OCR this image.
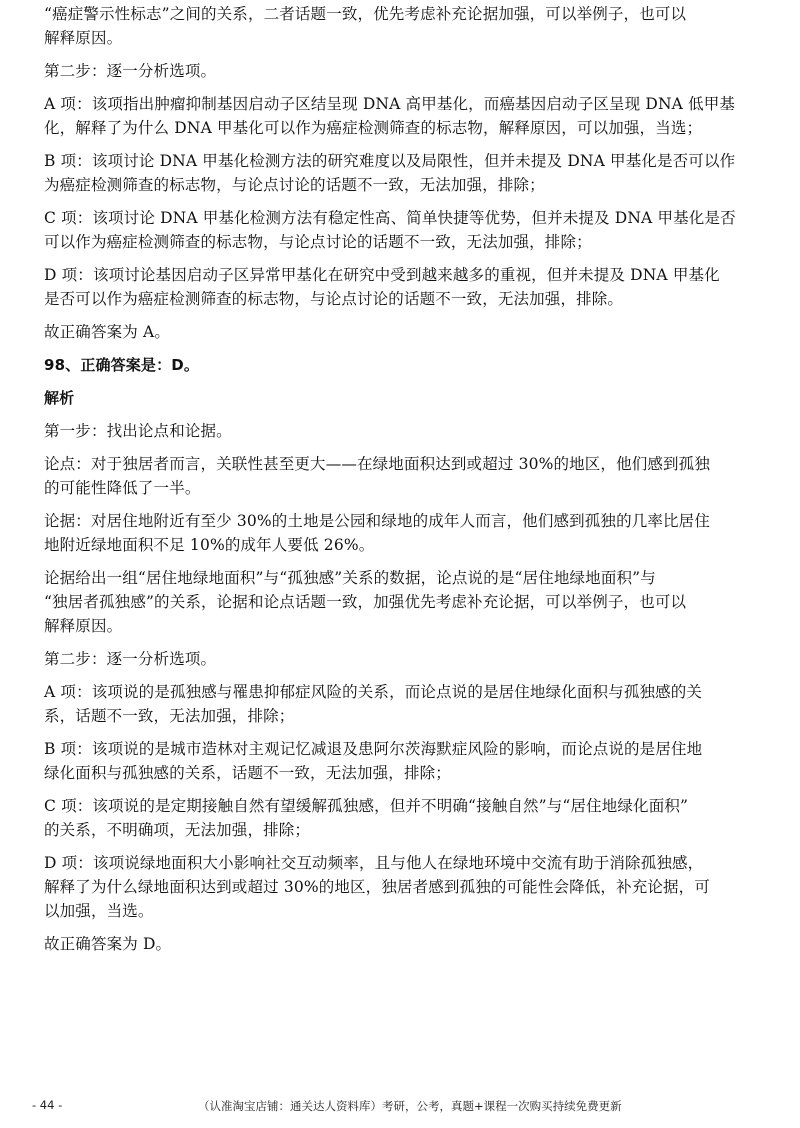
“癌症警示性标志”之间的关系，二者话题一致，优先考虑补充论据加强，可以举例子，也可以
解释原因。
第二步：逐一分析选项。
A 项：该项指出肿瘤抑制基因启动子区结呈现 DNA 高甲基化，而癌基因启动子区呈现 DNA 低甲基
化，解释了为什么 DNA 甲基化可以作为癌症检测筛查的标志物，解释原因，可以加强，当选；
B 项：该项讨论 DNA 甲基化检测方法的研究难度以及局限性，但并未提及 DNA 甲基化是否可以作
为癌症检测筛查的标志物，与论点讨论的话题不一致，无法加强，排除；
C 项：该项讨论 DNA 甲基化检测方法有稳定性高、简单快捷等优势，但并未提及 DNA 甲基化是否
可以作为癌症检测筛查的标志物，与论点讨论的话题不一致，无法加强，排除；
D 项：该项讨论基因启动子区异常甲基化在研究中受到越来越多的重视，但并未提及 DNA 甲基化
是否可以作为癌症检测筛查的标志物，与论点讨论的话题不一致，无法加强，排除。
故正确答案为 A。
98、正确答案是：D。
解析
第一步：找出论点和论据。
论点：对于独居者而言，关联性甚至更大——在绿地面积达到或超过 30%的地区，他们感到孤独
的可能性降低了一半。
论据：对居住地附近有至少 30%的土地是公园和绿地的成年人而言，他们感到孤独的几率比居住
地附近绿地面积不足 10%的成年人要低 26%。
论据给出一组“居住地绿地面积”与“孤独感”关系的数据，论点说的是“居住地绿地面积”与
“独居者孤独感”的关系，论据和论点话题一致，加强优先考虑补充论据，可以举例子，也可以
解释原因。
第二步：逐一分析选项。
A 项：该项说的是孤独感与罹患抑郁症风险的关系，而论点说的是居住地绿化面积与孤独感的关
系，话题不一致，无法加强，排除；
B 项：该项说的是城市造林对主观记忆减退及患阿尔茨海默症风险的影响，而论点说的是居住地
绿化面积与孤独感的关系，话题不一致，无法加强，排除；
C 项：该项说的是定期接触自然有望缓解孤独感，但并不明确“接触自然”与“居住地绿化面积”
的关系，不明确项，无法加强，排除；
D 项：该项说绿地面积大小影响社交互动频率，且与他人在绿地环境中交流有助于消除孤独感，
解释了为什么绿地面积达到或超过 30%的地区，独居者感到孤独的可能性会降低，补充论据，可
以加强，当选。
故正确答案为 D。
- 44 -	（认准淘宝店铺：通关达人资料库）考研，公考，真题+课程一次购买持续免费更新
